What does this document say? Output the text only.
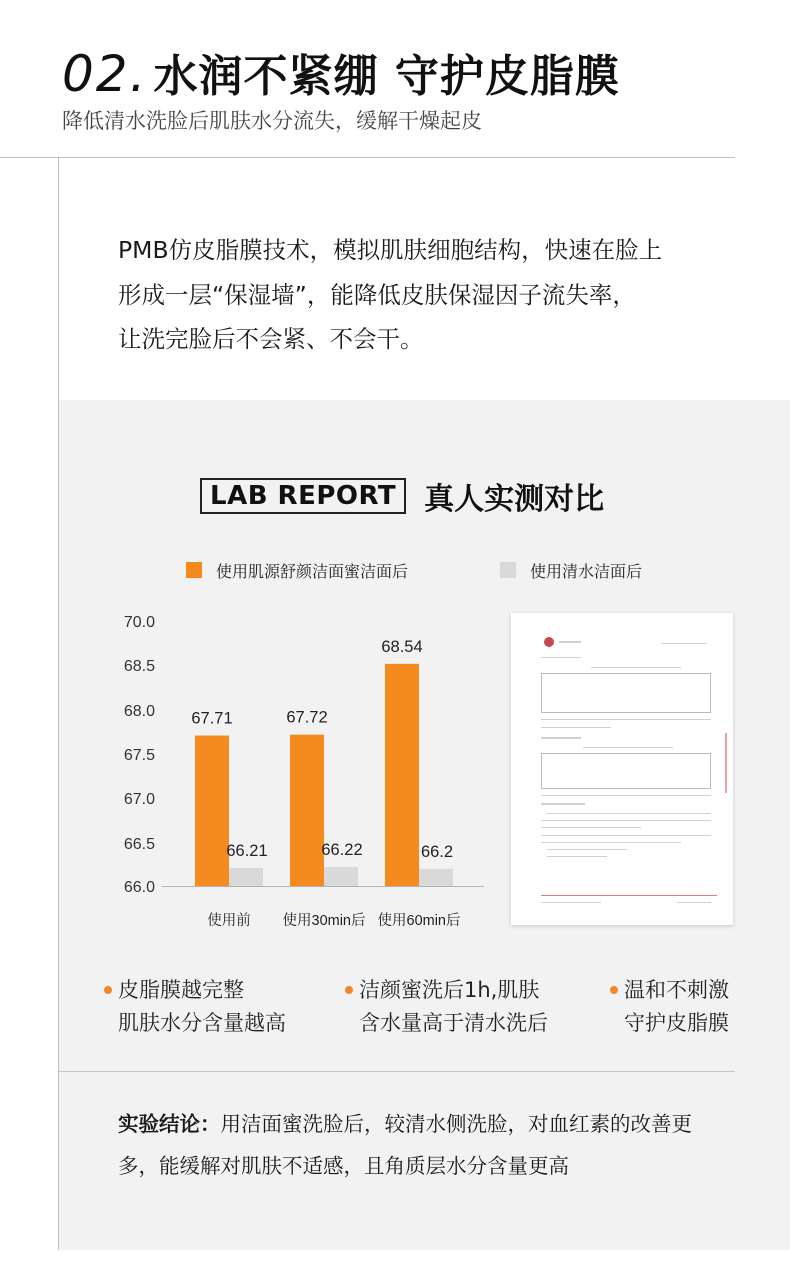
02. 水润不紧绷 守护皮脂膜
降低清水洗脸后肌肤水分流失，缓解干燥起皮
PMB仿皮脂膜技术，模拟肌肤细胞结构，快速在脸上
形成一层“保湿墙”，能降低皮肤保湿因子流失率，
让洗完脸后不会紧、不会干。
LAB REPORT 真人实测对比
使用肌源舒颜洁面蜜洁面后	使用清水洁面后
70.0
68.5
68.0
67.5
67.0
66.5
66.0
67.71
66.21
使用前
67.72
66.22
使用30min后
68.54
66.2
使用60min后
皮脂膜越完整
肌肤水分含量越高
洁颜蜜洗后1h,肌肤
含水量高于清水洗后
温和不刺激
守护皮脂膜
实验结论：用洁面蜜洗脸后，较清水侧洗脸，对血红素的改善更
多，能缓解对肌肤不适感，且角质层水分含量更高
